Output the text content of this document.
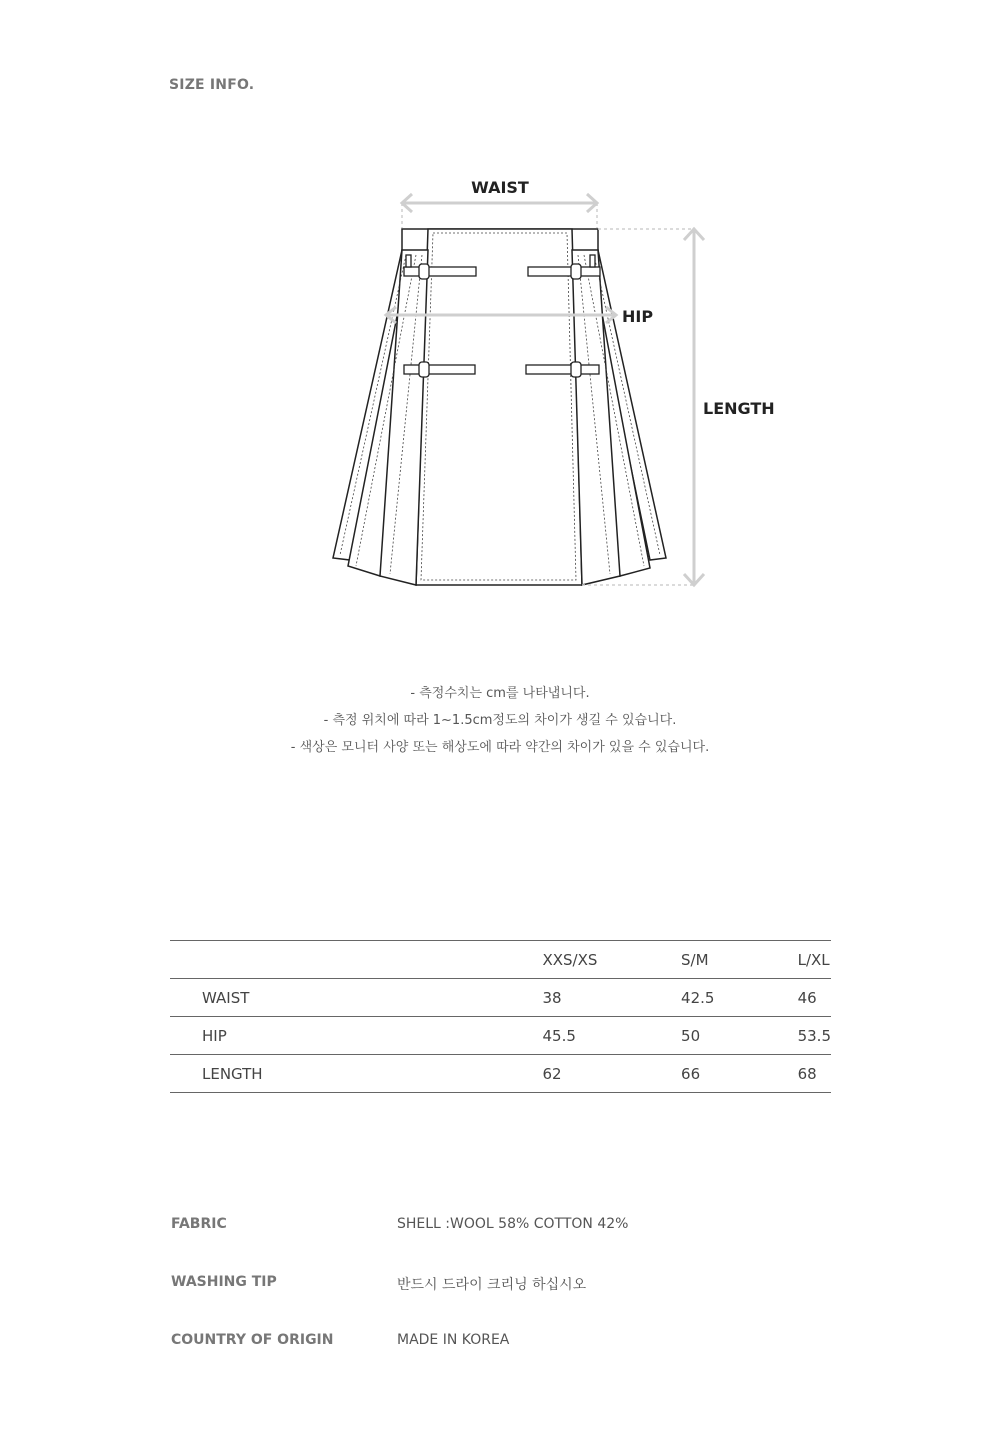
SIZE INFO.
WAIST
HIP
LENGTH
- 측정수치는 cm를 나타냅니다.
- 측정 위치에 따라 1~1.5cm정도의 차이가 생길 수 있습니다.
- 색상은 모니터 사양 또는 해상도에 따라 약간의 차이가 있을 수 있습니다.
	XXS/XS	S/M	L/XL
WAIST	38	42.5	46
HIP	45.5	50	53.5
LENGTH	62	66	68
FABRIC	SHELL :WOOL 58% COTTON 42%
WASHING TIP	반드시 드라이 크리닝 하십시오
COUNTRY OF ORIGIN	MADE IN KOREA
